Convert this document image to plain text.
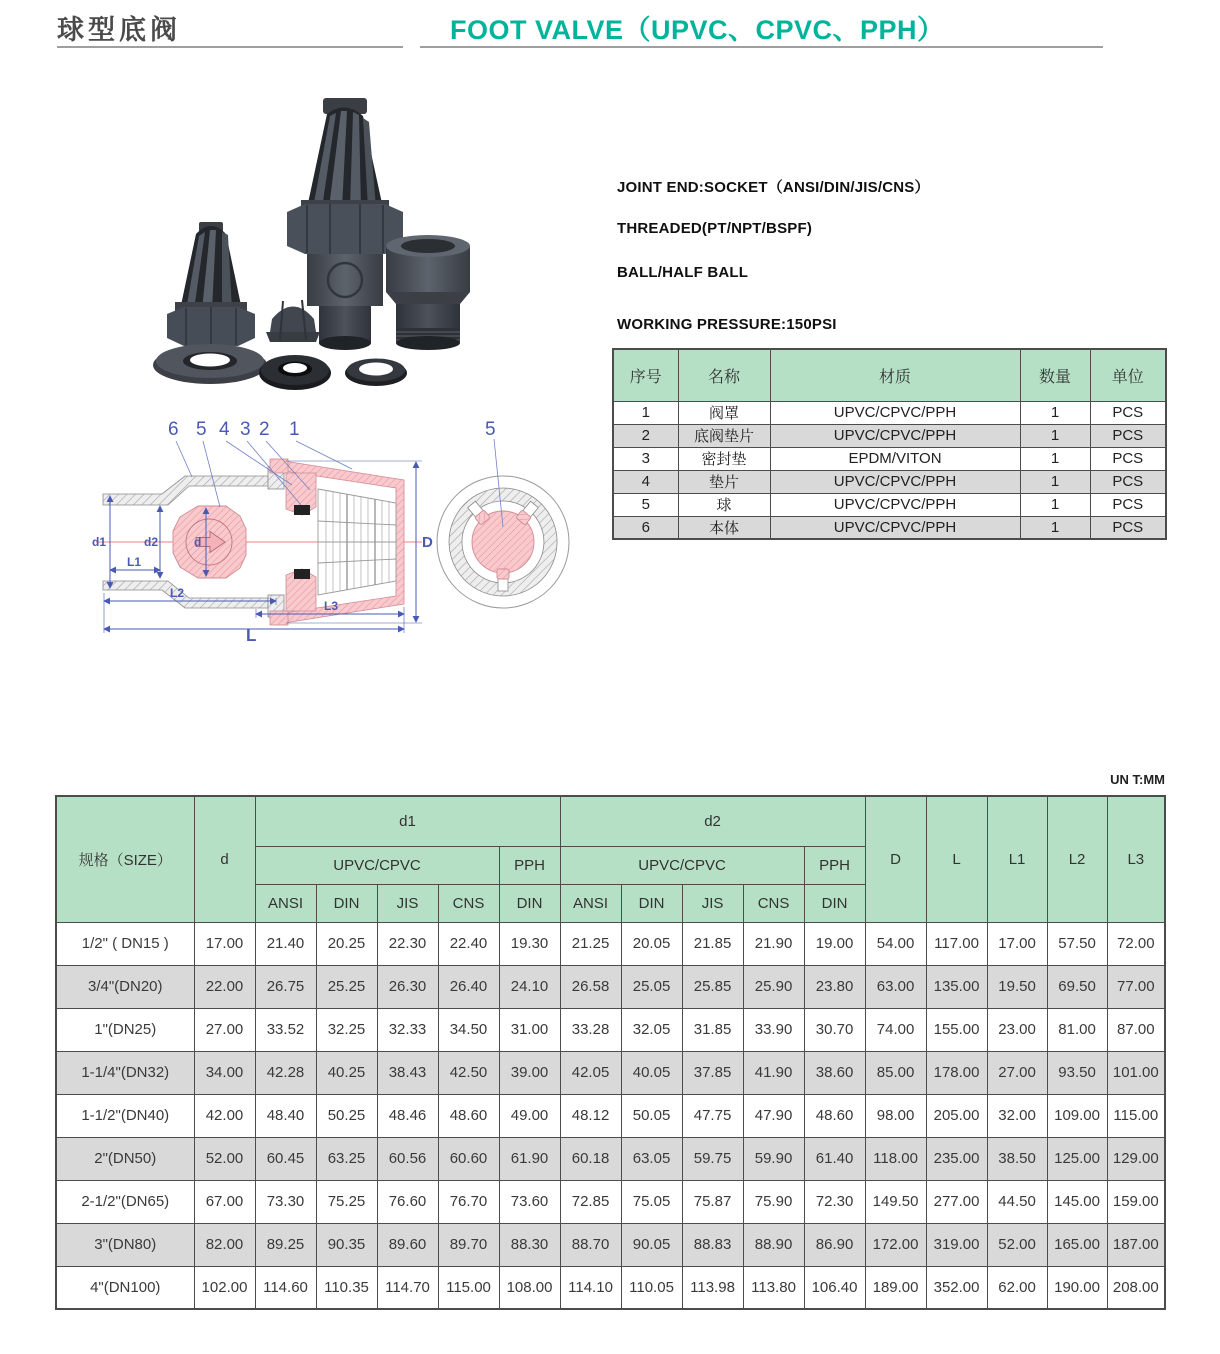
球型底阀	FOOT VALVE（UPVC、CPVC、PPH）
JOINT END:SOCKET（ANSI/DIN/JIS/CNS）
THREADED(PT/NPT/BSPF)
BALL/HALF BALL
WORKING PRESSURE:150PSI
序号	名称	材质	数量	单位
1	阀罩	UPVC/CPVC/PPH	1	PCS
2	底阀垫片	UPVC/CPVC/PPH	1	PCS
3	密封垫	EPDM/VITON	1	PCS
4	垫片	UPVC/CPVC/PPH	1	PCS
5	球	UPVC/CPVC/PPH	1	PCS
6	本体	UPVC/CPVC/PPH	1	PCS
d1	d2	d
L1
L2
L3
L
D
6 5 4 3 2 1	5
UN T:MM
规格（SIZE）	d	d1					d2					D	L	L1	L2	L3
		UPVC/CPVC				PPH	UPVC/CPVC				PPH					
		ANSI	DIN	JIS	CNS	DIN	ANSI	DIN	JIS	CNS	DIN					
1/2" ( DN15 )	17.00	21.40	20.25	22.30	22.40	19.30	21.25	20.05	21.85	21.90	19.00	54.00	117.00	17.00	57.50	72.00
3/4"(DN20)	22.00	26.75	25.25	26.30	26.40	24.10	26.58	25.05	25.85	25.90	23.80	63.00	135.00	19.50	69.50	77.00
1"(DN25)	27.00	33.52	32.25	32.33	34.50	31.00	33.28	32.05	31.85	33.90	30.70	74.00	155.00	23.00	81.00	87.00
1-1/4"(DN32)	34.00	42.28	40.25	38.43	42.50	39.00	42.05	40.05	37.85	41.90	38.60	85.00	178.00	27.00	93.50	101.00
1-1/2"(DN40)	42.00	48.40	50.25	48.46	48.60	49.00	48.12	50.05	47.75	47.90	48.60	98.00	205.00	32.00	109.00	115.00
2"(DN50)	52.00	60.45	63.25	60.56	60.60	61.90	60.18	63.05	59.75	59.90	61.40	118.00	235.00	38.50	125.00	129.00
2-1/2"(DN65)	67.00	73.30	75.25	76.60	76.70	73.60	72.85	75.05	75.87	75.90	72.30	149.50	277.00	44.50	145.00	159.00
3"(DN80)	82.00	89.25	90.35	89.60	89.70	88.30	88.70	90.05	88.83	88.90	86.90	172.00	319.00	52.00	165.00	187.00
4"(DN100)	102.00	114.60	110.35	114.70	115.00	108.00	114.10	110.05	113.98	113.80	106.40	189.00	352.00	62.00	190.00	208.00
